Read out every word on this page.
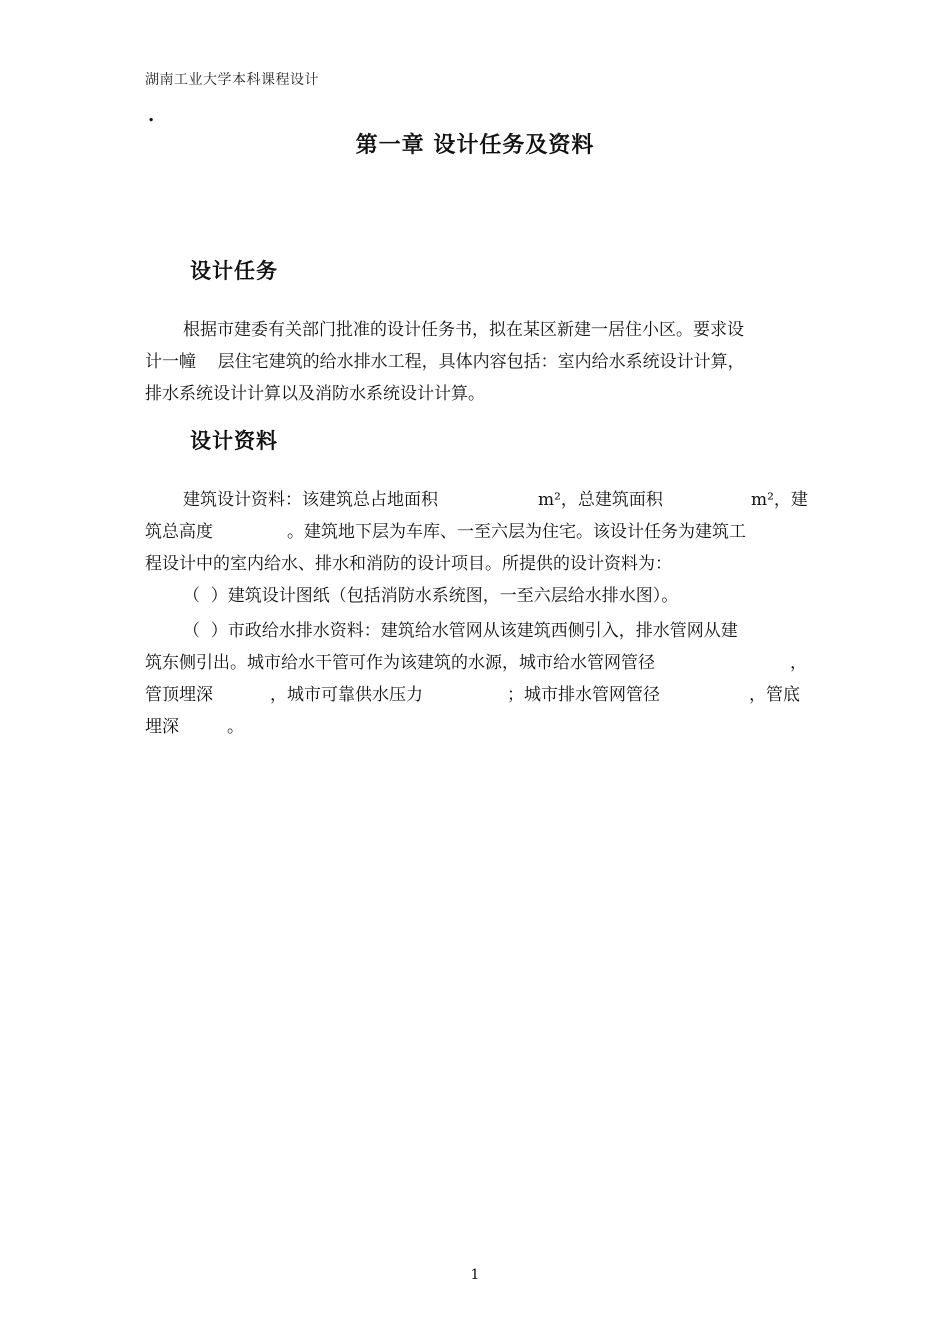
湖南工业大学本科课程设计
.
第一章 设计任务及资料
设计任务
根据市建委有关部门批准的设计任务书，拟在某区新建一居住小区。要求设
计一幢    层住宅建筑的给水排水工程，具体内容包括：室内给水系统设计计算，
排水系统设计计算以及消防水系统设计计算。
设计资料
建筑设计资料：该建筑总占地面积	m²，总建筑面积	m²，建
筑总高度	。建筑地下层为车库、一至六层为住宅。该设计任务为建筑工
程设计中的室内给水、排水和消防的设计项目。所提供的设计资料为：
（  ）建筑设计图纸（包括消防水系统图，一至六层给水排水图）。
（  ）市政给水排水资料：建筑给水管网从该建筑西侧引入，排水管网从建
筑东侧引出。城市给水干管可作为该建筑的水源，城市给水管网管径	，
管顶埋深	，城市可靠供水压力	；城市排水管网管径	，管底
埋深	。
1
